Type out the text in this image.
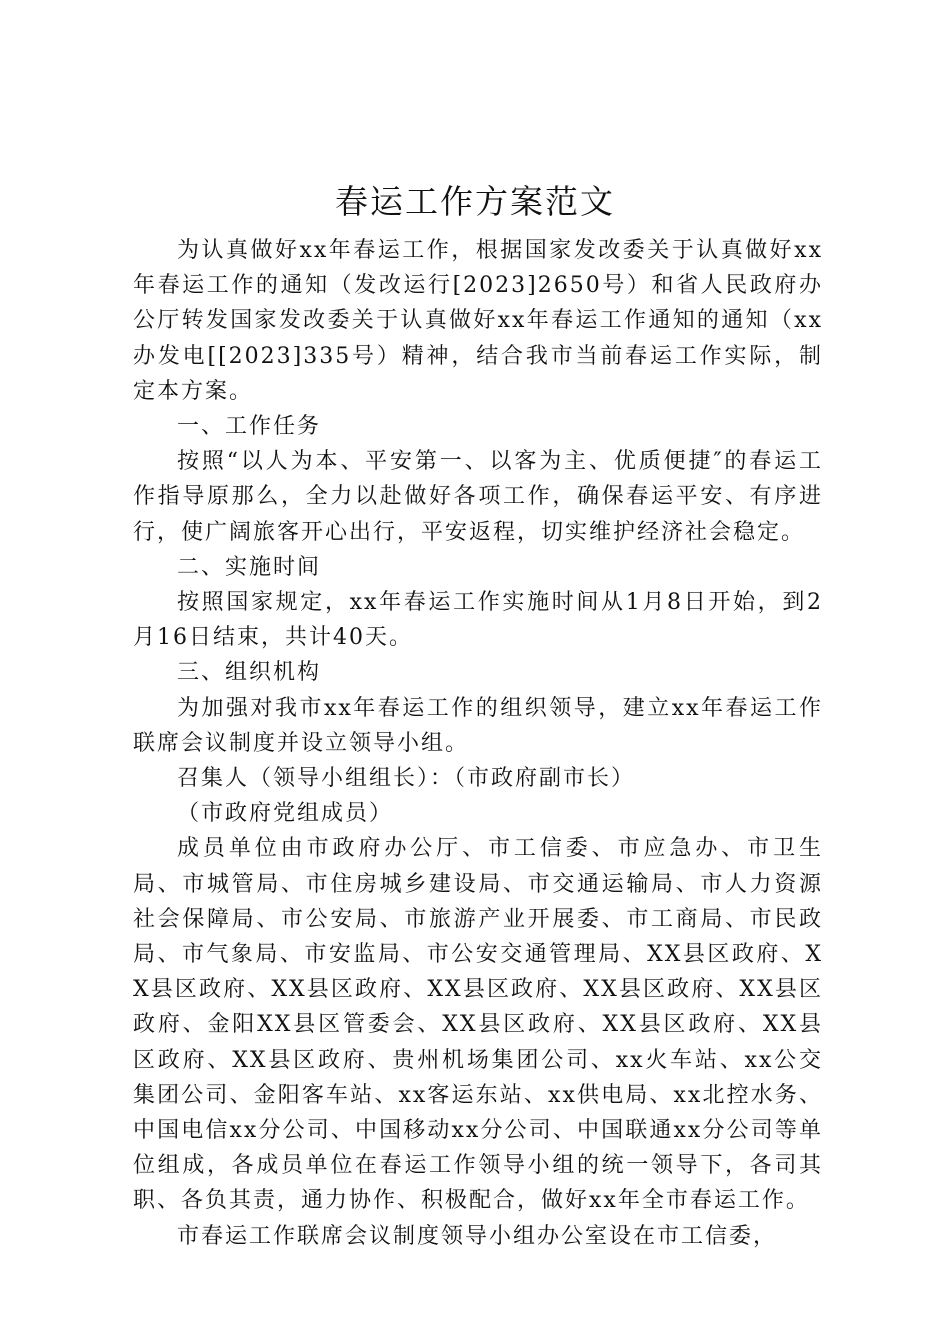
春运工作方案范文

为认真做好xx年春运工作，根据国家发改委关于认真做好xx年春运工作的通知（发改运行[2023]2650号）和省人民政府办公厅转发国家发改委关于认真做好xx年春运工作通知的通知（xx办发电[[2023]335号）精神，结合我市当前春运工作实际，制定本方案。

一、工作任务

按照“以人为本、平安第一、以客为主、优质便捷″的春运工作指导原那么，全力以赴做好各项工作，确保春运平安、有序进行，使广阔旅客开心出行，平安返程，切实维护经济社会稳定。

二、实施时间

按照国家规定，xx年春运工作实施时间从1月8日开始，到2月16日结束，共计40天。

三、组织机构

为加强对我市xx年春运工作的组织领导，建立xx年春运工作联席会议制度并设立领导小组。

召集人（领导小组组长）：（市政府副市长）

（市政府党组成员）

成员单位由市政府办公厅、市工信委、市应急办、市卫生局、市城管局、市住房城乡建设局、市交通运输局、市人力资源社会保障局、市公安局、市旅游产业开展委、市工商局、市民政局、市气象局、市安监局、市公安交通管理局、XX县区政府、XX县区政府、XX县区政府、XX县区政府、XX县区政府、XX县区政府、金阳XX县区管委会、XX县区政府、XX县区政府、XX县区政府、XX县区政府、贵州机场集团公司、xx火车站、xx公交集团公司、金阳客车站、xx客运东站、xx供电局、xx北控水务、中国电信xx分公司、中国移动xx分公司、中国联通xx分公司等单位组成，各成员单位在春运工作领导小组的统一领导下，各司其职、各负其责，通力协作、积极配合，做好xx年全市春运工作。

市春运工作联席会议制度领导小组办公室设在市工信委，
